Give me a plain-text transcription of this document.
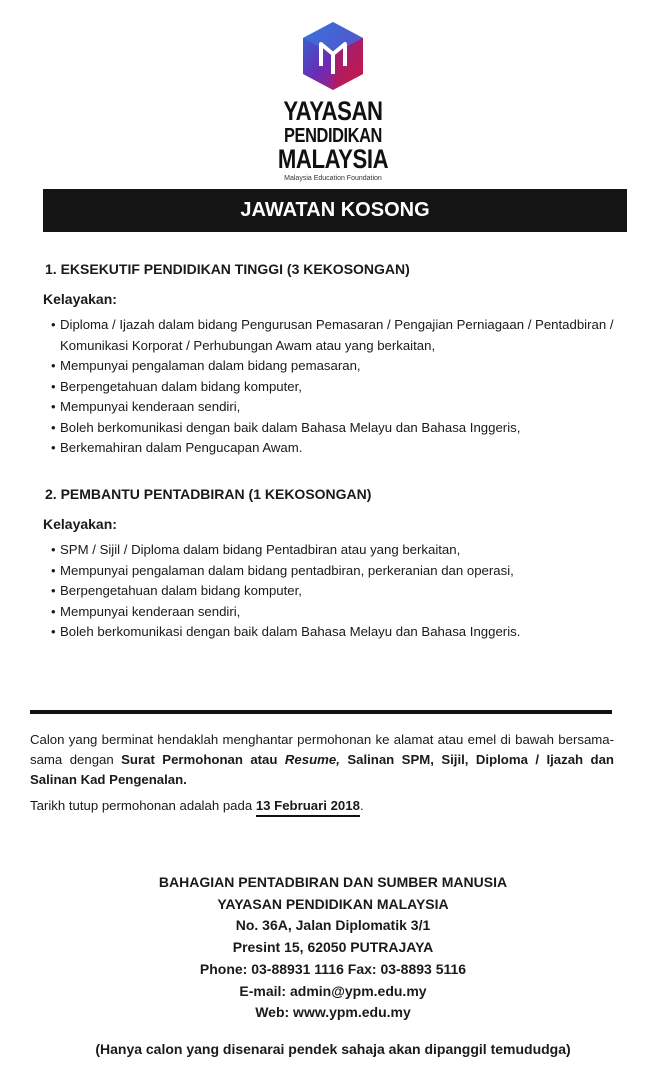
YAYASAN
PENDIDIKAN
MALAYSIA
Malaysia Education Foundation
JAWATAN KOSONG
1. EKSEKUTIF PENDIDIKAN TINGGI (3 KEKOSONGAN)
Kelayakan:
• Diploma / Ijazah dalam bidang Pengurusan Pemasaran / Pengajian Perniagaan / Pentadbiran / Komunikasi Korporat / Perhubungan Awam atau yang berkaitan,
• Mempunyai pengalaman dalam bidang pemasaran,
• Berpengetahuan dalam bidang komputer,
• Mempunyai kenderaan sendiri,
• Boleh berkomunikasi dengan baik dalam Bahasa Melayu dan Bahasa Inggeris,
• Berkemahiran dalam Pengucapan Awam.
2. PEMBANTU PENTADBIRAN (1 KEKOSONGAN)
Kelayakan:
• SPM / Sijil / Diploma dalam bidang Pentadbiran atau yang berkaitan,
• Mempunyai pengalaman dalam bidang pentadbiran, perkeranian dan operasi,
• Berpengetahuan dalam bidang komputer,
• Mempunyai kenderaan sendiri,
• Boleh berkomunikasi dengan baik dalam Bahasa Melayu dan Bahasa Inggeris.
Calon yang berminat hendaklah menghantar permohonan ke alamat atau emel di bawah bersama-sama dengan Surat Permohonan atau Resume, Salinan SPM, Sijil, Diploma / Ijazah dan Salinan Kad Pengenalan.
Tarikh tutup permohonan adalah pada 13 Februari 2018.
BAHAGIAN PENTADBIRAN DAN SUMBER MANUSIA
YAYASAN PENDIDIKAN MALAYSIA
No. 36A, Jalan Diplomatik 3/1
Presint 15, 62050 PUTRAJAYA
Phone: 03-88931 1116 Fax: 03-8893 5116
E-mail: admin@ypm.edu.my
Web: www.ypm.edu.my
(Hanya calon yang disenarai pendek sahaja akan dipanggil temududga)
